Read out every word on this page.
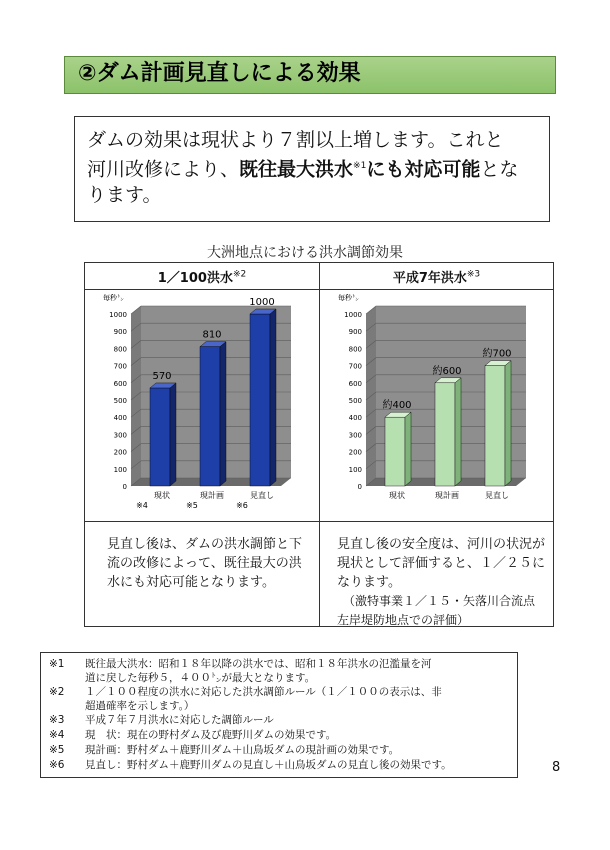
②ダム計画見直しによる効果
ダムの効果は現状より７割以上増します。これと
河川改修により、既往最大洪水$^{※1}$にも対応可能とな
ります。
大洲地点における洪水調節効果
1／100洪水$^{※2}$	平成7年洪水$^{※3}$
0
100
200
300
400
500
600
700
800
900
1000
毎秒㌧
570
現状
※4
810
現計画
※5
1000
見直し
※6
0
100
200
300
400
500
600
700
800
900
1000
毎秒㌧
約400
現状
約600
現計画
約700
見直し
見直し後は、ダムの洪水調節と下
流の改修によって、既往最大の洪
水にも対応可能となります。
見直し後の安全度は、河川の状況が
現状として評価すると、１／２５に
なります。
（激特事業１／１５・矢落川合流点
左岸堤防地点での評価）
※1	既往最大洪水：昭和１８年以降の洪水では、昭和１８年洪水の氾濫量を河
道に戻した毎秒５，４００㌧が最大となります。
※2	１／１００程度の洪水に対応した洪水調節ルール（１／１００の表示は、非
超過確率を示します。）
※3	平成７年７月洪水に対応した調節ルール
※4	現　状：現在の野村ダム及び鹿野川ダムの効果です。
※5	現計画：野村ダム＋鹿野川ダム＋山鳥坂ダムの現計画の効果です。
※6	見直し：野村ダム＋鹿野川ダムの見直し＋山鳥坂ダムの見直し後の効果です。	8
